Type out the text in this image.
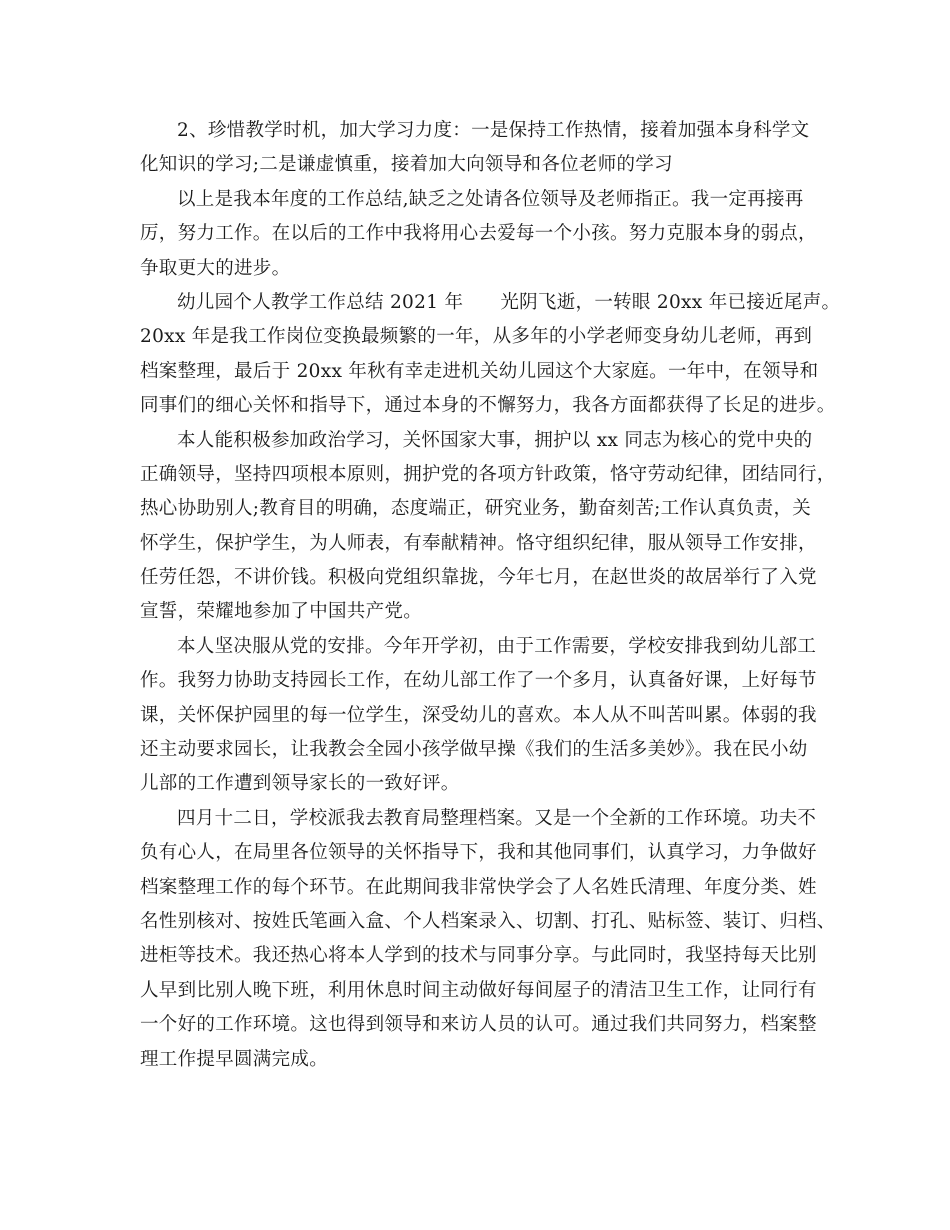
2、珍惜教学时机，加大学习力度：一是保持工作热情，接着加强本身科学文
化知识的学习;二是谦虚慎重，接着加大向领导和各位老师的学习
以上是我本年度的工作总结,缺乏之处请各位领导及老师指正。我一定再接再
厉，努力工作。在以后的工作中我将用心去爱每一个小孩。努力克服本身的弱点，
争取更大的进步。
幼儿园个人教学工作总结 2021 年      光阴飞逝，一转眼 20xx 年已接近尾声。
20xx 年是我工作岗位变换最频繁的一年，从多年的小学老师变身幼儿老师，再到
档案整理，最后于 20xx 年秋有幸走进机关幼儿园这个大家庭。一年中，在领导和
同事们的细心关怀和指导下，通过本身的不懈努力，我各方面都获得了长足的进步。
本人能积极参加政治学习，关怀国家大事，拥护以 xx 同志为核心的党中央的
正确领导，坚持四项根本原则，拥护党的各项方针政策，恪守劳动纪律，团结同行，
热心协助别人;教育目的明确，态度端正，研究业务，勤奋刻苦;工作认真负责，关
怀学生，保护学生，为人师表，有奉献精神。恪守组织纪律，服从领导工作安排，
任劳任怨，不讲价钱。积极向党组织靠拢，今年七月，在赵世炎的故居举行了入党
宣誓，荣耀地参加了中国共产党。
本人坚决服从党的安排。今年开学初，由于工作需要，学校安排我到幼儿部工
作。我努力协助支持园长工作，在幼儿部工作了一个多月，认真备好课，上好每节
课，关怀保护园里的每一位学生，深受幼儿的喜欢。本人从不叫苦叫累。体弱的我
还主动要求园长，让我教会全园小孩学做早操《我们的生活多美妙》。我在民小幼
儿部的工作遭到领导家长的一致好评。
四月十二日，学校派我去教育局整理档案。又是一个全新的工作环境。功夫不
负有心人，在局里各位领导的关怀指导下，我和其他同事们，认真学习，力争做好
档案整理工作的每个环节。在此期间我非常快学会了人名姓氏清理、年度分类、姓
名性别核对、按姓氏笔画入盒、个人档案录入、切割、打孔、贴标签、装订、归档、
进柜等技术。我还热心将本人学到的技术与同事分享。与此同时，我坚持每天比别
人早到比别人晚下班，利用休息时间主动做好每间屋子的清洁卫生工作，让同行有
一个好的工作环境。这也得到领导和来访人员的认可。通过我们共同努力，档案整
理工作提早圆满完成。
